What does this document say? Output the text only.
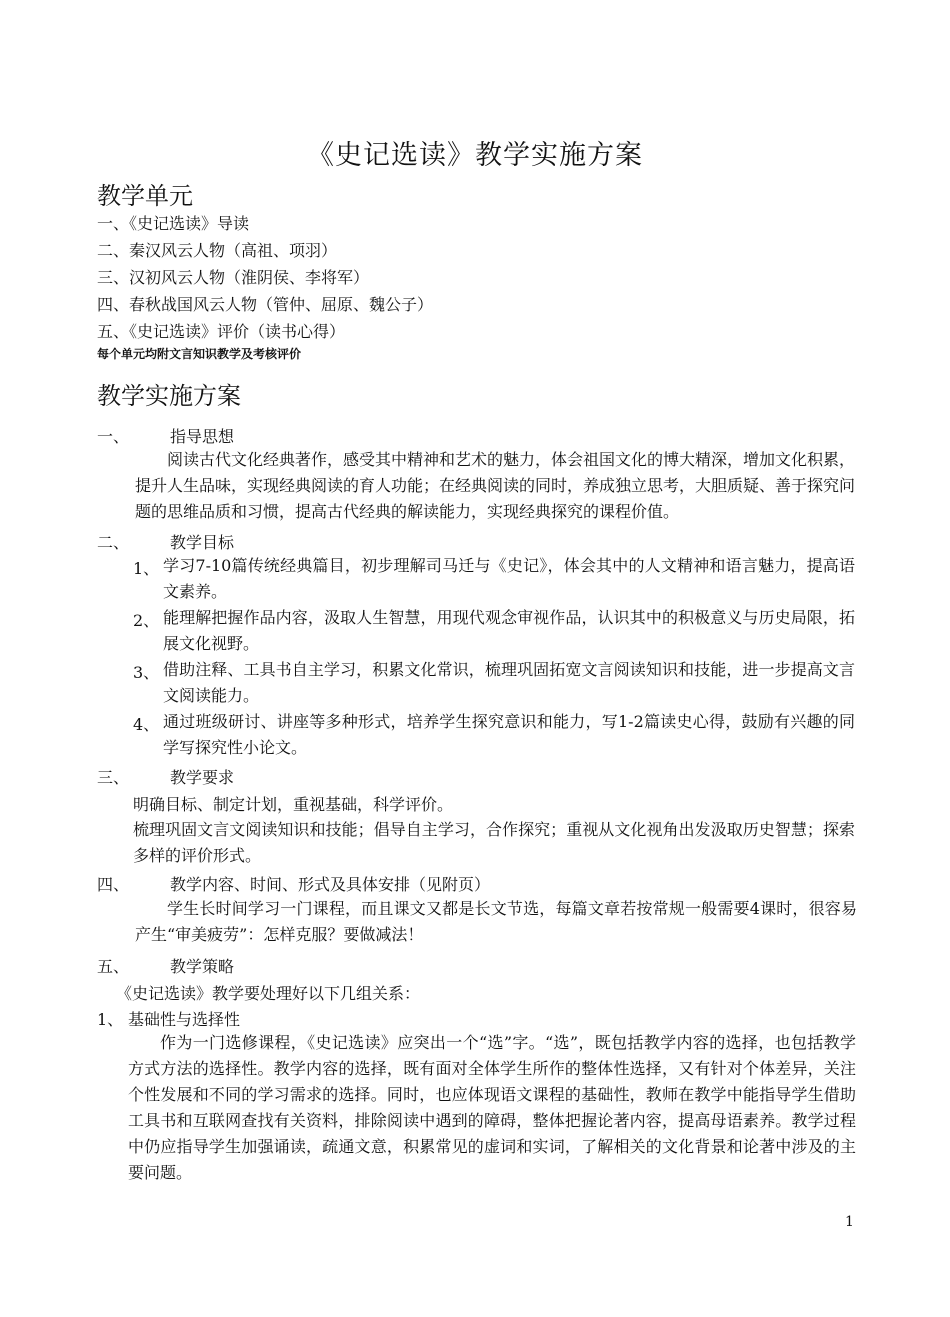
《史记选读》教学实施方案
教学单元
一、《史记选读》导读
二、秦汉风云人物（高祖、项羽）
三、汉初风云人物（淮阴侯、李将军）
四、春秋战国风云人物（管仲、屈原、魏公子）
五、《史记选读》评价（读书心得）
每个单元均附文言知识教学及考核评价
教学实施方案
一、	指导思想
阅读古代文化经典著作，感受其中精神和艺术的魅力，体会祖国文化的博大精深，增加文化积累，提升人生品味，实现经典阅读的育人功能；在经典阅读的同时，养成独立思考，大胆质疑、善于探究问题的思维品质和习惯，提高古代经典的解读能力，实现经典探究的课程价值。
二、	教学目标
1、 学习7-10篇传统经典篇目，初步理解司马迁与《史记》，体会其中的人文精神和语言魅力，提高语文素养。
2、 能理解把握作品内容，汲取人生智慧，用现代观念审视作品，认识其中的积极意义与历史局限，拓展文化视野。
3、 借助注释、工具书自主学习，积累文化常识，梳理巩固拓宽文言阅读知识和技能，进一步提高文言文阅读能力。
4、 通过班级研讨、讲座等多种形式，培养学生探究意识和能力，写1-2篇读史心得，鼓励有兴趣的同学写探究性小论文。
三、	教学要求
明确目标、制定计划，重视基础，科学评价。
梳理巩固文言文阅读知识和技能；倡导自主学习，合作探究；重视从文化视角出发汲取历史智慧；探索多样的评价形式。
四、	教学内容、时间、形式及具体安排（见附页）
学生长时间学习一门课程，而且课文又都是长文节选，每篇文章若按常规一般需要4课时，很容易产生“审美疲劳”：怎样克服？要做减法！
五、	教学策略
《史记选读》教学要处理好以下几组关系：
1、 基础性与选择性
作为一门选修课程，《史记选读》应突出一个“选”字。“选”，既包括教学内容的选择，也包括教学方式方法的选择性。教学内容的选择，既有面对全体学生所作的整体性选择，又有针对个体差异，关注个性发展和不同的学习需求的选择。同时，也应体现语文课程的基础性，教师在教学中能指导学生借助工具书和互联网查找有关资料，排除阅读中遇到的障碍，整体把握论著内容，提高母语素养。教学过程中仍应指导学生加强诵读，疏通文意，积累常见的虚词和实词，了解相关的文化背景和论著中涉及的主要问题。
1
